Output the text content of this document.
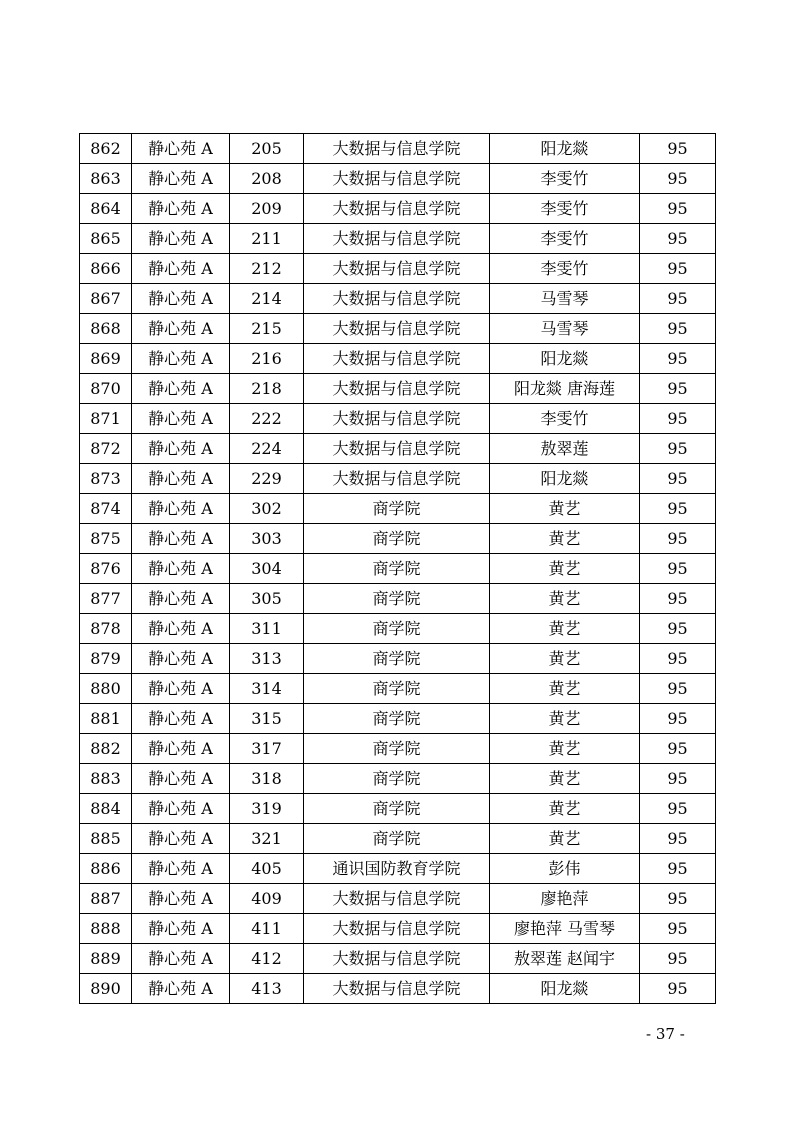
862	静心苑 A	205	大数据与信息学院	阳龙燚	95
863	静心苑 A	208	大数据与信息学院	李雯竹	95
864	静心苑 A	209	大数据与信息学院	李雯竹	95
865	静心苑 A	211	大数据与信息学院	李雯竹	95
866	静心苑 A	212	大数据与信息学院	李雯竹	95
867	静心苑 A	214	大数据与信息学院	马雪琴	95
868	静心苑 A	215	大数据与信息学院	马雪琴	95
869	静心苑 A	216	大数据与信息学院	阳龙燚	95
870	静心苑 A	218	大数据与信息学院	阳龙燚 唐海莲	95
871	静心苑 A	222	大数据与信息学院	李雯竹	95
872	静心苑 A	224	大数据与信息学院	敖翠莲	95
873	静心苑 A	229	大数据与信息学院	阳龙燚	95
874	静心苑 A	302	商学院	黄艺	95
875	静心苑 A	303	商学院	黄艺	95
876	静心苑 A	304	商学院	黄艺	95
877	静心苑 A	305	商学院	黄艺	95
878	静心苑 A	311	商学院	黄艺	95
879	静心苑 A	313	商学院	黄艺	95
880	静心苑 A	314	商学院	黄艺	95
881	静心苑 A	315	商学院	黄艺	95
882	静心苑 A	317	商学院	黄艺	95
883	静心苑 A	318	商学院	黄艺	95
884	静心苑 A	319	商学院	黄艺	95
885	静心苑 A	321	商学院	黄艺	95
886	静心苑 A	405	通识国防教育学院	彭伟	95
887	静心苑 A	409	大数据与信息学院	廖艳萍	95
888	静心苑 A	411	大数据与信息学院	廖艳萍 马雪琴	95
889	静心苑 A	412	大数据与信息学院	敖翠莲 赵闻宇	95
890	静心苑 A	413	大数据与信息学院	阳龙燚	95
- 37 -
